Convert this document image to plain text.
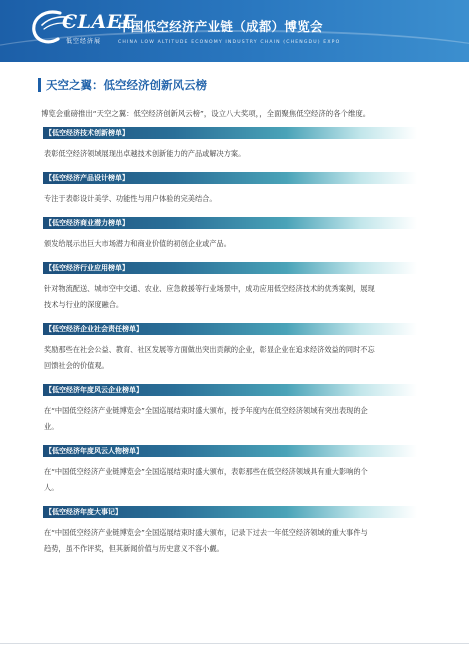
CLAEE
低空经济展
中国低空经济产业链（成都）博览会
CHINA LOW ALTITUDE ECONOMY INDUSTRY CHAIN (CHENGDU) EXPO
天空之翼：低空经济创新风云榜

博览会重磅推出“天空之翼：低空经济创新风云榜”，设立八大奖项，，全面聚焦低空经济的各个维度。

【低空经济技术创新榜单】

表彰低空经济领域展现出卓越技术创新能力的产品或解决方案。

【低空经济产品设计榜单】

专注于表彰设计美学、功能性与用户体验的完美结合。

【低空经济商业潜力榜单】

颁发给展示出巨大市场潜力和商业价值的初创企业或产品。

【低空经济行业应用榜单】

针对物流配送、城市空中交通、农业、应急救援等行业场景中，成功应用低空经济技术的优秀案例，展现
技术与行业的深度融合。

【低空经济企业社会责任榜单】

奖励那些在社会公益、教育、社区发展等方面做出突出贡献的企业，彰显企业在追求经济效益的同时不忘
回馈社会的价值观。

【低空经济年度风云企业榜单】

在“中国低空经济产业链博览会”全国巡展结束时盛大颁布，授予年度内在低空经济领域有突出表现的企
业。

【低空经济年度风云人物榜单】

在“中国低空经济产业链博览会”全国巡展结束时盛大颁布，表彰那些在低空经济领域具有重大影响的个
人。

【低空经济年度大事记】

在“中国低空经济产业链博览会”全国巡展结束时盛大颁布，记录下过去一年低空经济领域的重大事件与
趋势，虽不作评奖，但其新闻价值与历史意义不容小觑。
